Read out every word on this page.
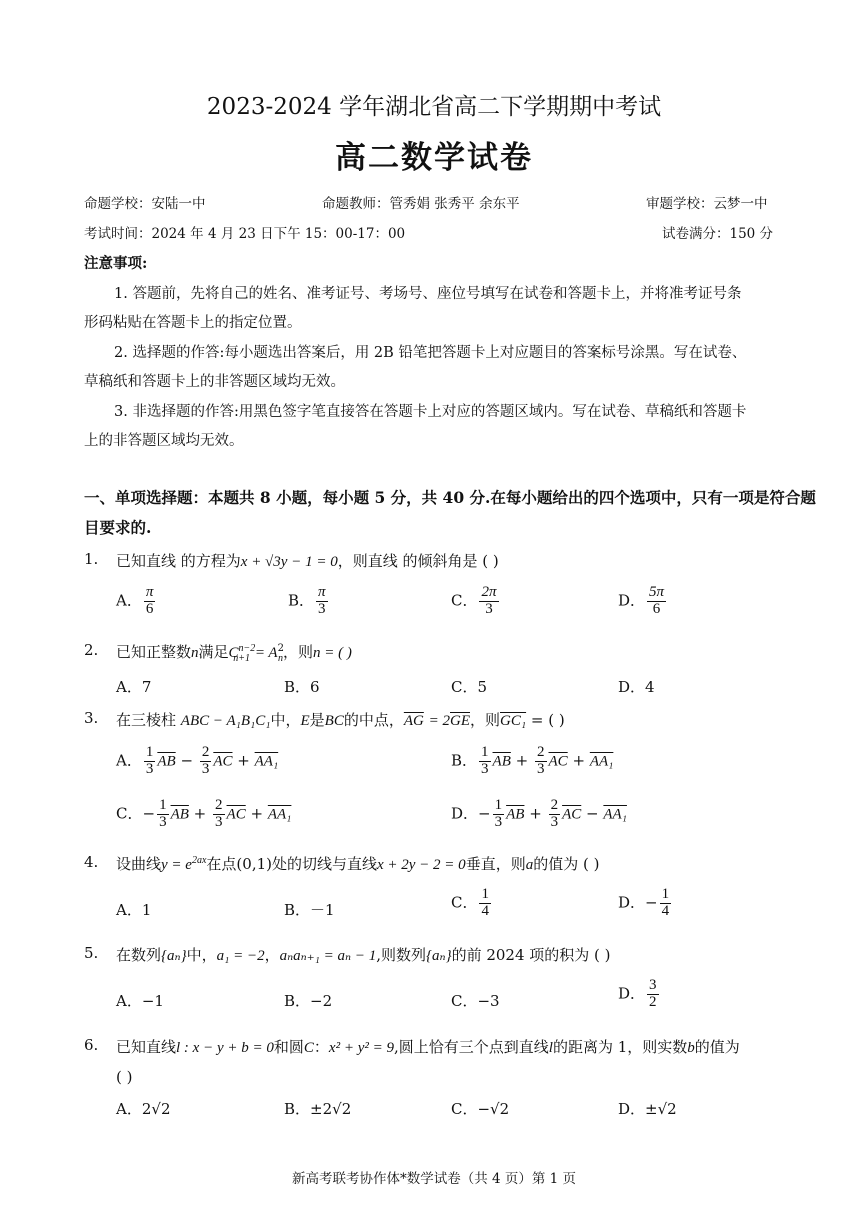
2023-2024 学年湖北省高二下学期期中考试
高二数学试卷
命题学校：安陆一中	命题教师：管秀娟 张秀平 余东平	审题学校：云梦一中
考试时间：2024 年 4 月 23 日下午 15：00-17：00	试卷满分：150 分
注意事项:
1. 答题前，先将自己的姓名、准考证号、考场号、座位号填写在试卷和答题卡上，并将准考证号条
形码粘贴在答题卡上的指定位置。
2. 选择题的作答:每小题选出答案后，用 2B 铅笔把答题卡上对应题目的答案标号涂黑。写在试卷、
草稿纸和答题卡上的非答题区域均无效。
3. 非选择题的作答:用黑色签字笔直接答在答题卡上对应的答题区域内。写在试卷、草稿纸和答题卡
上的非答题区域均无效。
一、单项选择题：本题共 8 小题，每小题 5 分，共 40 分.在每小题给出的四个选项中，只有一项是符合题
目要求的.
1. 已知直线 的方程为x + √3y − 1 = 0，则直线 的倾斜角是 ( )
A． $\frac{\pi}{6}$	B． $\frac{\pi}{3}$	C． $\frac{2\pi}{3}$	D． $\frac{5\pi}{6}$
2. 已知正整数n满足$C^{n-2}_{n+1} = A^2_n$，则n = ( )
A．7	B．6	C．5	D．4
3. 在三棱柱 ABC − A₁B₁C₁中，E是BC的中点，$\overline{AG} = 2\overline{GE}$，则GC₁ = ( )
A． $\frac{1}{3} \overline{AB} - \frac{2}{3} \overline{AC} + AA_1$	B． $\frac{1}{3} \overline{AB} + \frac{2}{3} \overline{AC} + AA_1$
C．− $\frac{1}{3} \overline{AB} + \frac{2}{3} \overline{AC} + AA_1$	D．− $\frac{1}{3} \overline{AB} + \frac{2}{3} \overline{AC} - AA_1$
4. 设曲线$y = e^{2ax}$在点(0,1)处的切线与直线x + 2y − 2 = 0垂直，则a的值为 ( )
A．1	B．－1	C． $\frac{1}{4}$	D．− $\frac{1}{4}$
5. 在数列{aₙ}中，a₁ = −2，aₙaₙ₊₁ = aₙ − 1,则数列{aₙ}的前 2024 项的积为 ( )
A．−1	B．−2	C．−3	D． $\frac{3}{2}$
6. 已知直线l : x − y + b = 0和圆C：x² + y² = 9,圆上恰有三个点到直线l的距离为 1，则实数b的值为
( )
A．2√2	B．±2√2	C．−√2	D．±√2
新高考联考协作体*数学试卷（共 4 页）第 1 页
